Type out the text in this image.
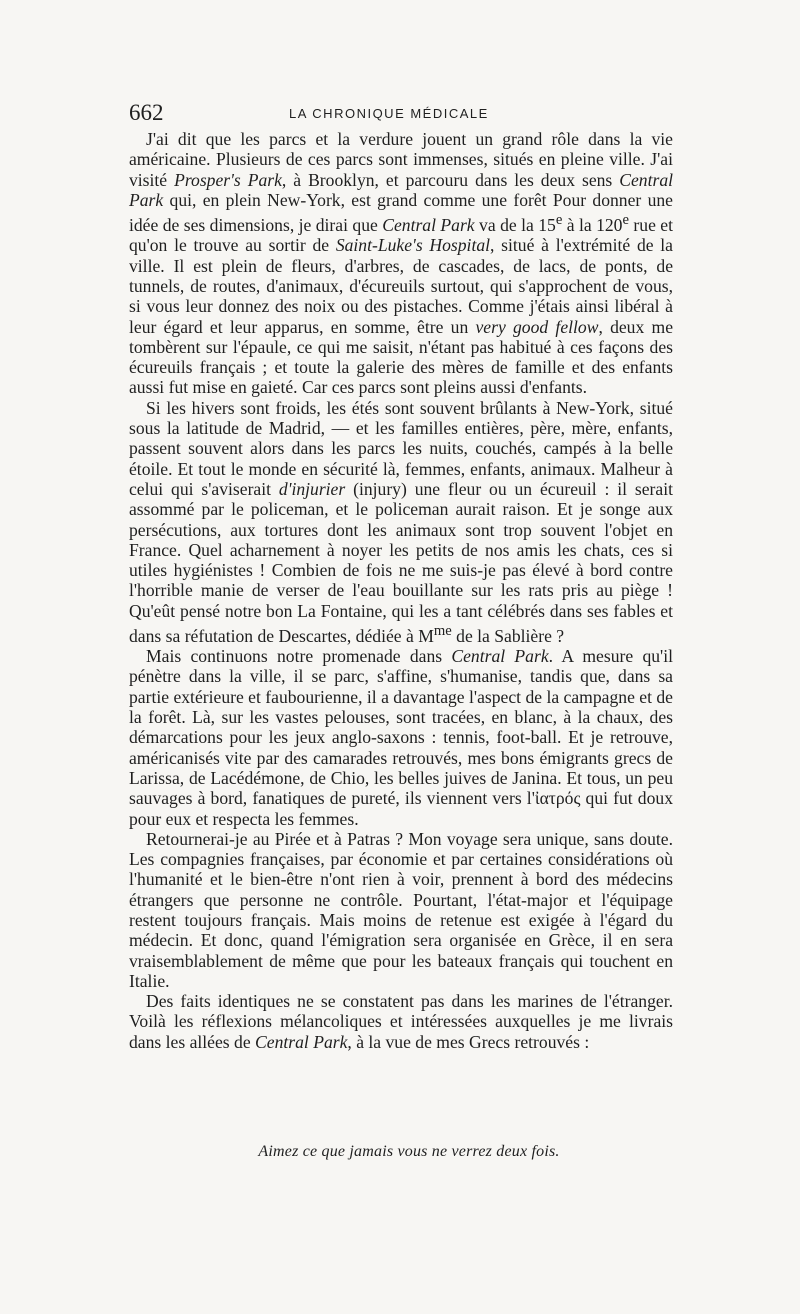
662	LA CHRONIQUE MÉDICALE

J'ai dit que les parcs et la verdure jouent un grand rôle dans la vie américaine. Plusieurs de ces parcs sont immenses, situés en pleine ville. J'ai visité Prosper's Park, à Brooklyn, et parcouru dans les deux sens Central Park qui, en plein New-York, est grand comme une forêt Pour donner une idée de ses dimensions, je dirai que Central Park va de la 15e à la 120e rue et qu'on le trouve au sortir de Saint-Luke's Hospital, situé à l'extrémité de la ville. Il est plein de fleurs, d'arbres, de cascades, de lacs, de ponts, de tunnels, de routes, d'animaux, d'écureuils surtout, qui s'approchent de vous, si vous leur donnez des noix ou des pistaches. Comme j'étais ainsi libéral à leur égard et leur apparus, en somme, être un very good fellow, deux me tombèrent sur l'épaule, ce qui me saisit, n'étant pas habitué à ces façons des écureuils français ; et toute la galerie des mères de famille et des enfants aussi fut mise en gaieté. Car ces parcs sont pleins aussi d'enfants.

Si les hivers sont froids, les étés sont souvent brûlants à New-York, situé sous la latitude de Madrid, — et les familles entières, père, mère, enfants, passent souvent alors dans les parcs les nuits, couchés, campés à la belle étoile. Et tout le monde en sécurité là, femmes, enfants, animaux. Malheur à celui qui s'aviserait d'injurier (injury) une fleur ou un écureuil : il serait assommé par le policeman, et le policeman aurait raison. Et je songe aux persécutions, aux tortures dont les animaux sont trop souvent l'objet en France. Quel acharnement à noyer les petits de nos amis les chats, ces si utiles hygiénistes ! Combien de fois ne me suis-je pas élevé à bord contre l'horrible manie de verser de l'eau bouillante sur les rats pris au piège ! Qu'eût pensé notre bon La Fontaine, qui les a tant célébrés dans ses fables et dans sa réfutation de Descartes, dédiée à $M^{me}$ de la Sablière ?

Mais continuons notre promenade dans Central Park. A mesure qu'il pénètre dans la ville, il se parc, s'affine, s'humanise, tandis que, dans sa partie extérieure et faubourienne, il a davantage l'aspect de la campagne et de la forêt. Là, sur les vastes pelouses, sont tracées, en blanc, à la chaux, des démarcations pour les jeux anglo-saxons : tennis, foot-ball. Et je retrouve, américanisés vite par des camarades retrouvés, mes bons émigrants grecs de Larissa, de Lacédémone, de Chio, les belles juives de Janina. Et tous, un peu sauvages à bord, fanatiques de pureté, ils viennent vers l'ἰατρός qui fut doux pour eux et respecta les femmes.

Retournerai-je au Pirée et à Patras ? Mon voyage sera unique, sans doute. Les compagnies françaises, par économie et par certaines considérations où l'humanité et le bien-être n'ont rien à voir, prennent à bord des médecins étrangers que personne ne contrôle. Pourtant, l'état-major et l'équipage restent toujours français. Mais moins de retenue est exigée à l'égard du médecin. Et donc, quand l'émigration sera organisée en Grèce, il en sera vraisemblablement de même que pour les bateaux français qui touchent en Italie.

Des faits identiques ne se constatent pas dans les marines de l'étranger. Voilà les réflexions mélancoliques et intéressées auxquelles je me livrais dans les allées de Central Park, à la vue de mes Grecs retrouvés :

Aimez ce que jamais vous ne verrez deux fois.
